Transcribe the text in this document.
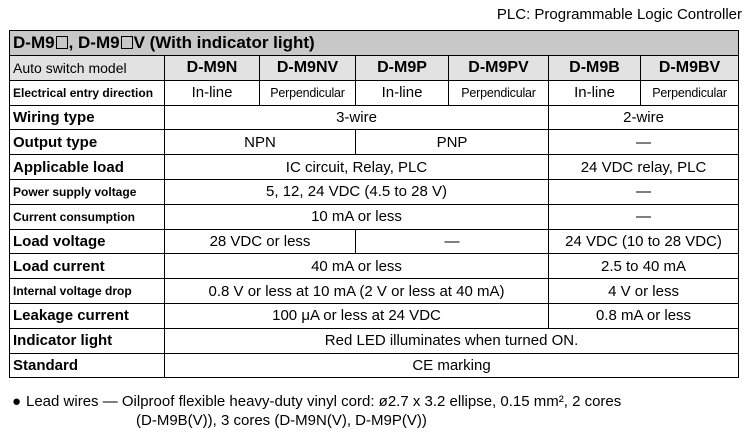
PLC: Programmable Logic Controller
D-M9 , D-M9 V (With indicator light)						
Auto switch model	D-M9N	D-M9NV	D-M9P	D-M9PV	D-M9B	D-M9BV
Electrical entry direction	In-line	Perpendicular	In-line	Perpendicular	In-line	Perpendicular
Wiring type	3-wire				2-wire	
Output type	NPN		PNP		—	
Applicable load	IC circuit, Relay, PLC				24 VDC relay, PLC	
Power supply voltage	5, 12, 24 VDC (4.5 to 28 V)				—	
Current consumption	10 mA or less				—	
Load voltage	28 VDC or less		—		24 VDC (10 to 28 VDC)	
Load current	40 mA or less				2.5 to 40 mA	
Internal voltage drop	0.8 V or less at 10 mA (2 V or less at 40 mA)				4 V or less	
Leakage current	100 μA or less at 24 VDC				0.8 mA or less	
Indicator light	Red LED illuminates when turned ON.					
Standard	CE marking					
● Lead wires — Oilproof flexible heavy-duty vinyl cord: ø2.7 x 3.2 ellipse, 0.15 mm², 2 cores
(D-M9B(V)), 3 cores (D-M9N(V), D-M9P(V))
